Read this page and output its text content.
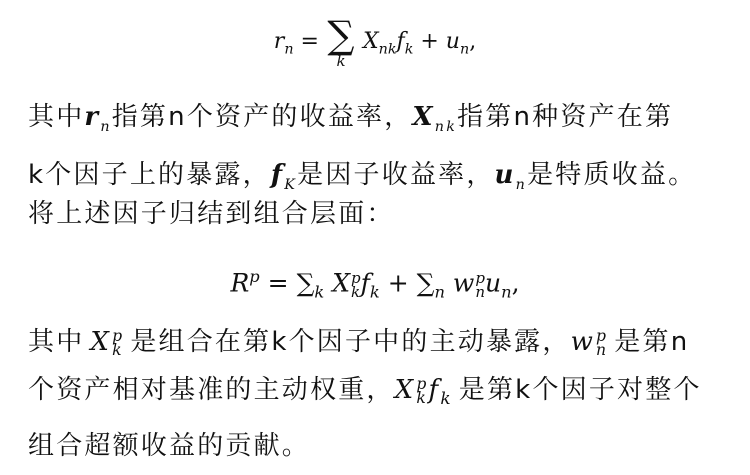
$r_n$ = ∑
k
$X_{nk}f_k + u_n$,
其中$r_n$指第n个资产的收益率，$X_{nk}$指第n种资产在第
k个因子上的暴露，$f_K$是因子收益率，$u_n$是特质收益。
将上述因子归结到组合层面：
$R^p = \sum_k$ X p
k $f_k + \sum_n$ w p
n $u_n$,
其中 X p
k 是组合在第k个因子中的主动暴露，w p
n 是第n
个资产相对基准的主动权重，X p
k $f_k$ 是第k个因子对整个
组合超额收益的贡献。
